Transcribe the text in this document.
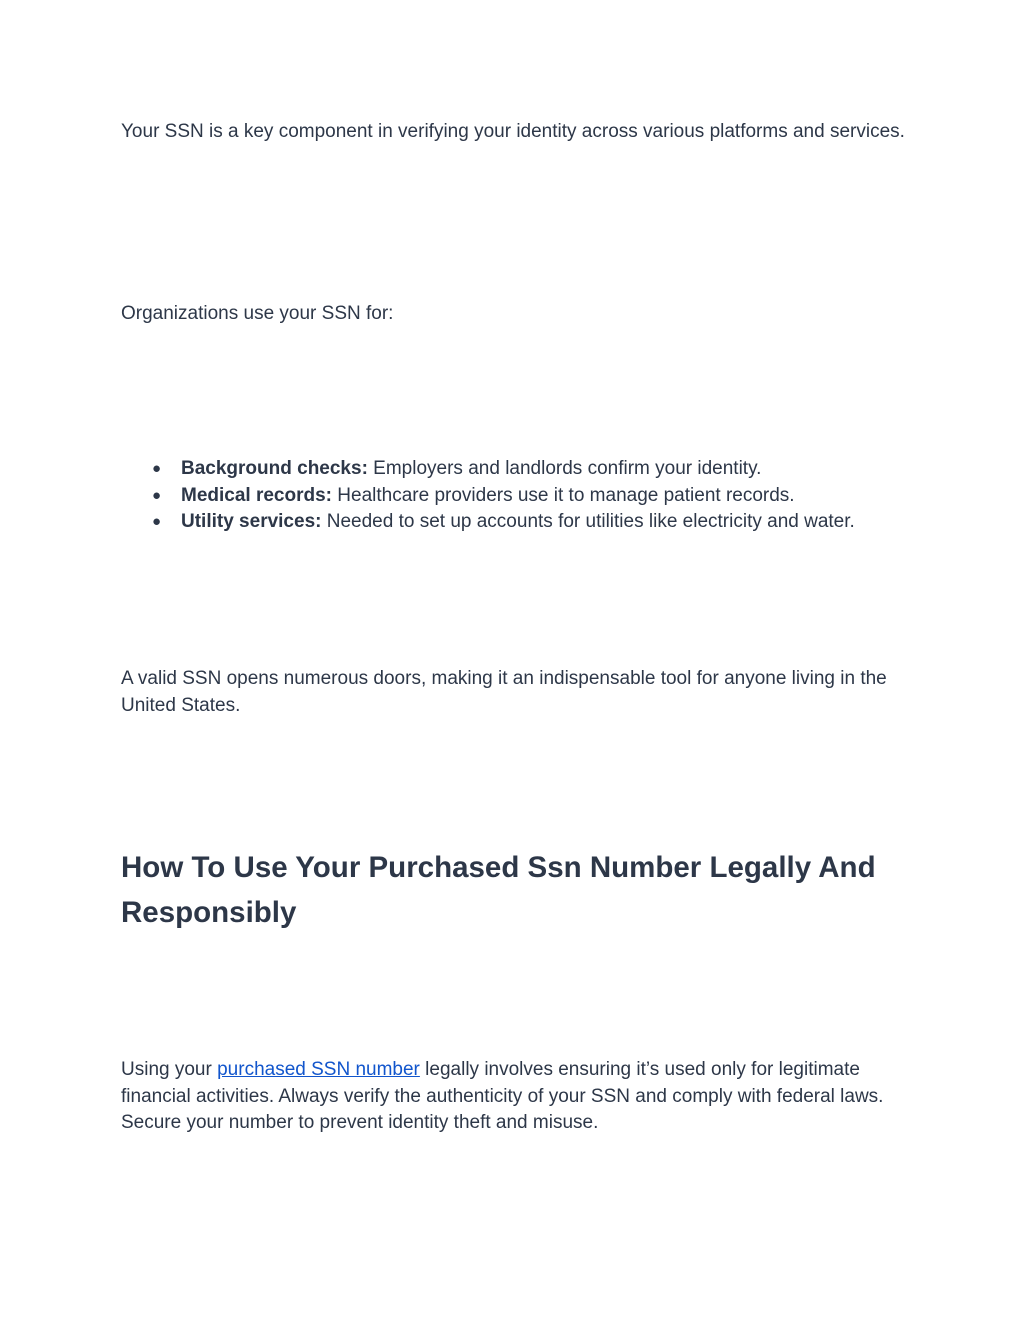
Your SSN is a key component in verifying your identity across various platforms and services.

Organizations use your SSN for:

● Background checks: Employers and landlords confirm your identity.
● Medical records: Healthcare providers use it to manage patient records.
● Utility services: Needed to set up accounts for utilities like electricity and water.

A valid SSN opens numerous doors, making it an indispensable tool for anyone living in the United States.

How To Use Your Purchased Ssn Number Legally And Responsibly

Using your purchased SSN number legally involves ensuring it’s used only for legitimate financial activities. Always verify the authenticity of your SSN and comply with federal laws. Secure your number to prevent identity theft and misuse.
